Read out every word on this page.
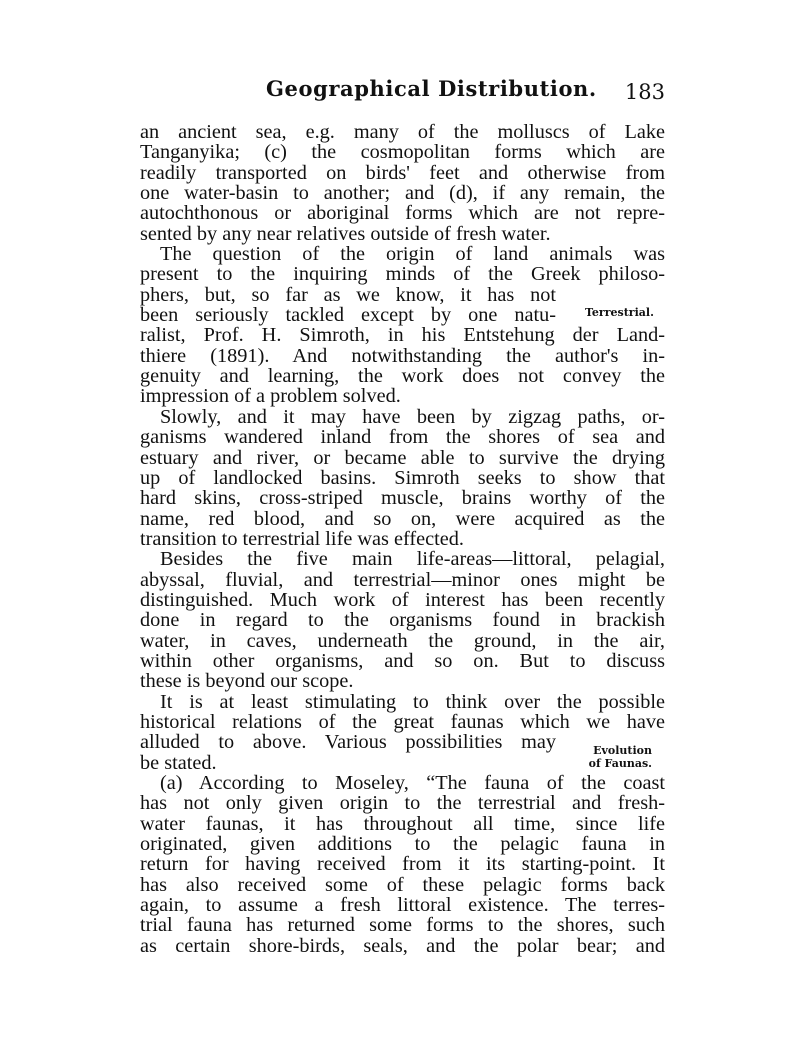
Geographical Distribution. 183
an ancient sea, e.g. many of the molluscs of Lake
Tanganyika; (c) the cosmopolitan forms which are
readily transported on birds' feet and otherwise from
one water-basin to another; and (d), if any remain, the
autochthonous or aboriginal forms which are not repre-
sented by any near relatives outside of fresh water.
The question of the origin of land animals was
present to the inquiring minds of the Greek philoso-
phers, but, so far as we know, it has not
been seriously tackled except by one natu-
ralist, Prof. H. Simroth, in his Entstehung der Land-
thiere (1891). And notwithstanding the author's in-
genuity and learning, the work does not convey the
impression of a problem solved.
Slowly, and it may have been by zigzag paths, or-
ganisms wandered inland from the shores of sea and
estuary and river, or became able to survive the drying
up of landlocked basins. Simroth seeks to show that
hard skins, cross-striped muscle, brains worthy of the
name, red blood, and so on, were acquired as the
transition to terrestrial life was effected.
Besides the five main life-areas—littoral, pelagial,
abyssal, fluvial, and terrestrial—minor ones might be
distinguished. Much work of interest has been recently
done in regard to the organisms found in brackish
water, in caves, underneath the ground, in the air,
within other organisms, and so on. But to discuss
these is beyond our scope.
It is at least stimulating to think over the possible
historical relations of the great faunas which we have
alluded to above. Various possibilities may
be stated.
(a) According to Moseley, “The fauna of the coast
has not only given origin to the terrestrial and fresh-
water faunas, it has throughout all time, since life
originated, given additions to the pelagic fauna in
return for having received from it its starting-point. It
has also received some of these pelagic forms back
again, to assume a fresh littoral existence. The terres-
trial fauna has returned some forms to the shores, such
as certain shore-birds, seals, and the polar bear; and
Terrestrial.
Evolution
of Faunas.
